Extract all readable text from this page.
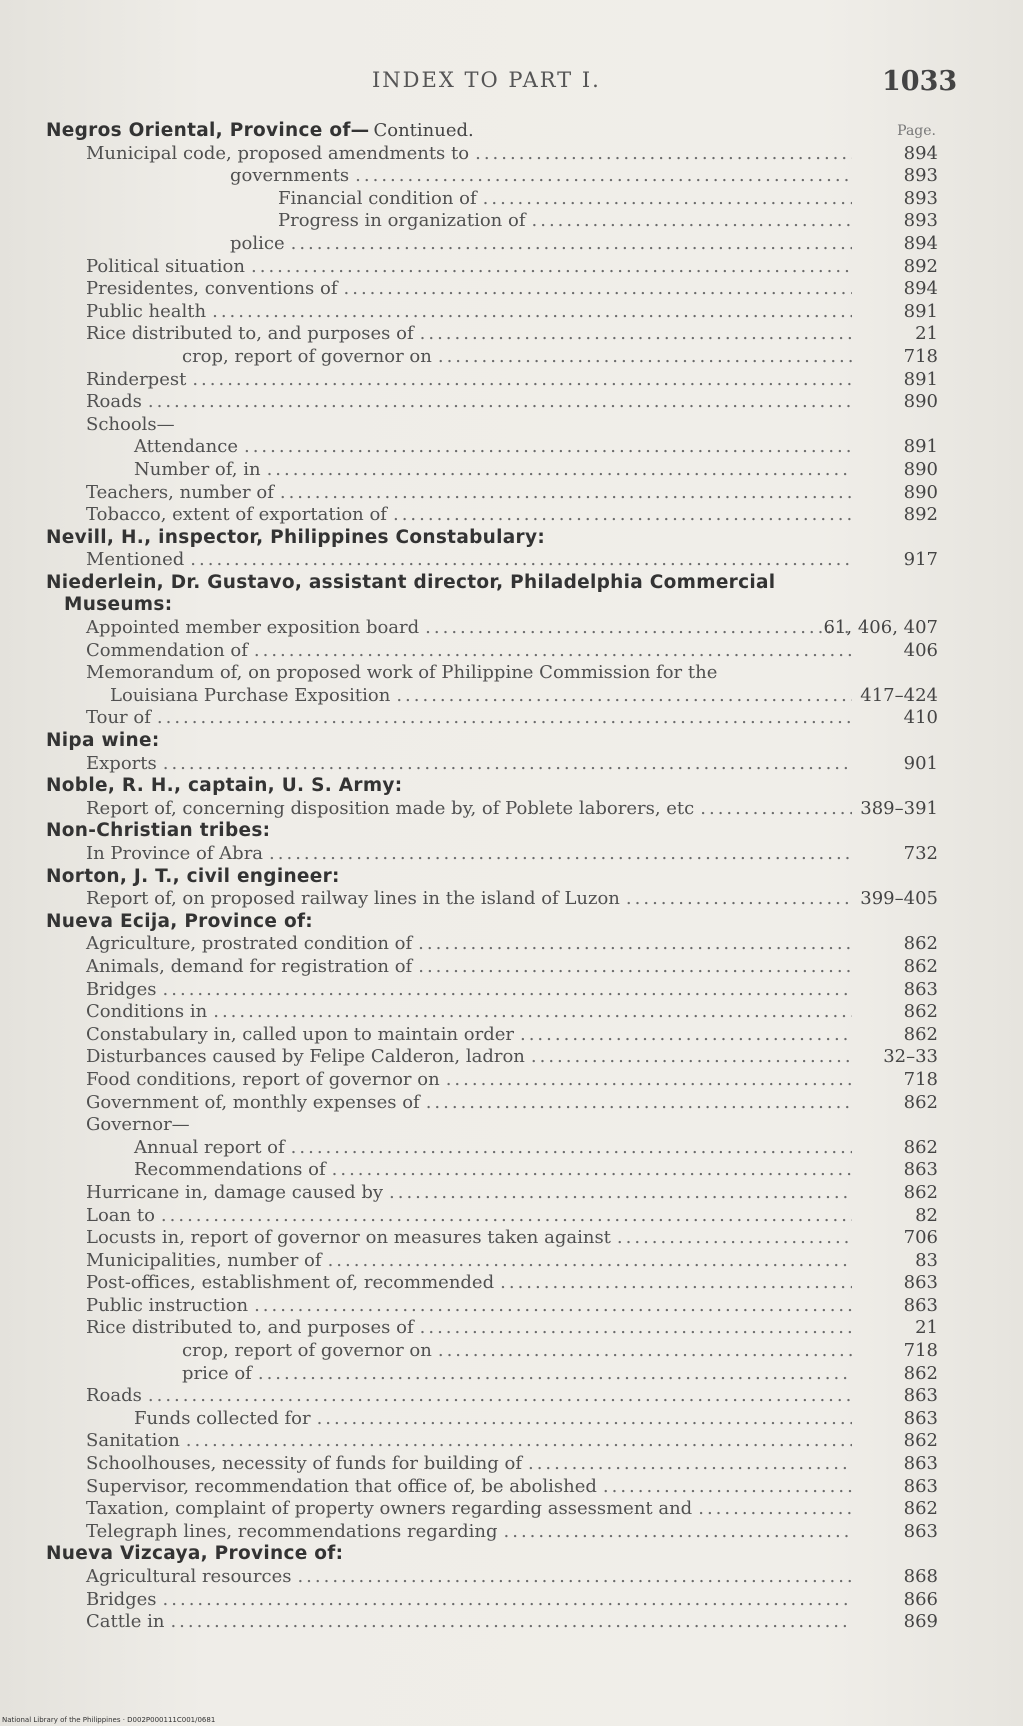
INDEX TO PART I.	1033
Negros Oriental, Province of— Continued.	Page.
Municipal code, proposed amendments to .....	894
governments .....	893
Financial condition of .....	893
Progress in organization of .....	893
police .....	894
Political situation .....	892
Presidentes, conventions of .....	894
Public health .....	891
Rice distributed to, and purposes of .....	21
crop, report of governor on .....	718
Rinderpest .....	891
Roads .....	890
Schools—
Attendance .....	891
Number of, in .....	890
Teachers, number of .....	890
Tobacco, extent of exportation of .....	892
Nevill, H., inspector, Philippines Constabulary:
Mentioned .....	917
Niederlein, Dr. Gustavo, assistant director, Philadelphia Commercial
Museums:
Appointed member exposition board .....	61, 406, 407
Commendation of .....	406
Memorandum of, on proposed work of Philippine Commission for the
Louisiana Purchase Exposition .....	417–424
Tour of .....	410
Nipa wine:
Exports .....	901
Noble, R. H., captain, U. S. Army:
Report of, concerning disposition made by, of Poblete laborers, etc .....	389–391
Non-Christian tribes:
In Province of Abra .....	732
Norton, J. T., civil engineer:
Report of, on proposed railway lines in the island of Luzon .....	399–405
Nueva Ecija, Province of:
Agriculture, prostrated condition of .....	862
Animals, demand for registration of .....	862
Bridges .....	863
Conditions in .....	862
Constabulary in, called upon to maintain order .....	862
Disturbances caused by Felipe Calderon, ladron .....	32–33
Food conditions, report of governor on .....	718
Government of, monthly expenses of .....	862
Governor—
Annual report of .....	862
Recommendations of .....	863
Hurricane in, damage caused by .....	862
Loan to .....	82
Locusts in, report of governor on measures taken against .....	706
Municipalities, number of .....	83
Post-offices, establishment of, recommended .....	863
Public instruction .....	863
Rice distributed to, and purposes of .....	21
crop, report of governor on .....	718
price of .....	862
Roads .....	863
Funds collected for .....	863
Sanitation .....	862
Schoolhouses, necessity of funds for building of .....	863
Supervisor, recommendation that office of, be abolished .....	863
Taxation, complaint of property owners regarding assessment and .....	862
Telegraph lines, recommendations regarding .....	863
Nueva Vizcaya, Province of:
Agricultural resources .....	868
Bridges .....	866
Cattle in .....	869
National Library of the Philippines · D002P000111C001/0681
